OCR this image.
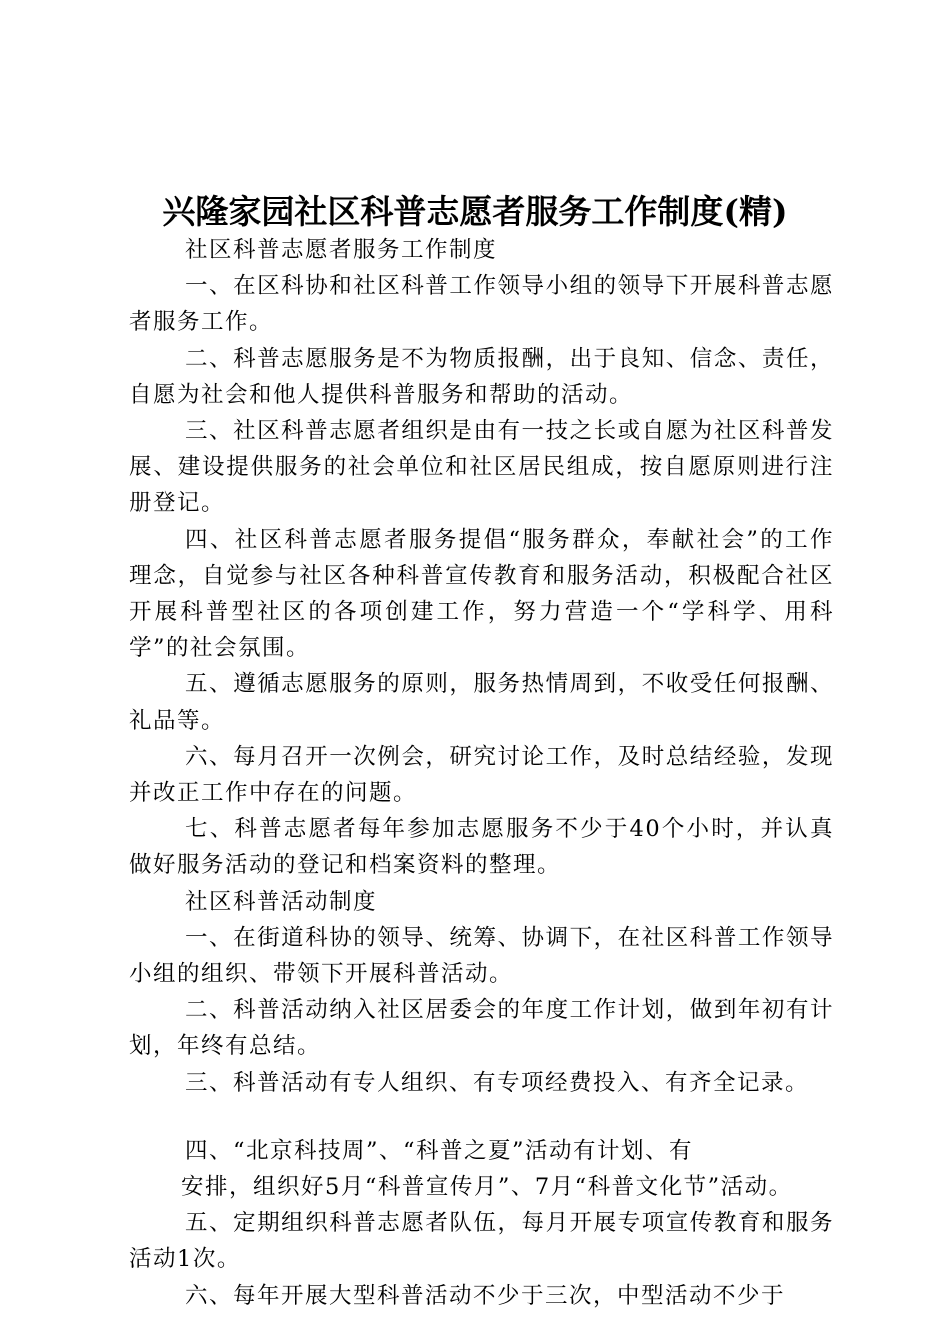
兴隆家园社区科普志愿者服务工作制度(精)

社区科普志愿者服务工作制度

一、在区科协和社区科普工作领导小组的领导下开展科普志愿者服务工作。

二、科普志愿服务是不为物质报酬，出于良知、信念、责任，自愿为社会和他人提供科普服务和帮助的活动。

三、社区科普志愿者组织是由有一技之长或自愿为社区科普发展、建设提供服务的社会单位和社区居民组成，按自愿原则进行注册登记。

四、社区科普志愿者服务提倡“服务群众，奉献社会”的工作理念，自觉参与社区各种科普宣传教育和服务活动，积极配合社区开展科普型社区的各项创建工作，努力营造一个“学科学、用科学”的社会氛围。

五、遵循志愿服务的原则，服务热情周到，不收受任何报酬、礼品等。

六、每月召开一次例会，研究讨论工作，及时总结经验，发现并改正工作中存在的问题。

七、科普志愿者每年参加志愿服务不少于40个小时，并认真做好服务活动的登记和档案资料的整理。

社区科普活动制度

一、在街道科协的领导、统筹、协调下，在社区科普工作领导小组的组织、带领下开展科普活动。

二、科普活动纳入社区居委会的年度工作计划，做到年初有计划，年终有总结。

三、科普活动有专人组织、有专项经费投入、有齐全记录。

四、“北京科技周”、“科普之夏”活动有计划、有

安排，组织好5月“科普宣传月”、7月“科普文化节”活动。

五、定期组织科普志愿者队伍，每月开展专项宣传教育和服务活动1次。

六、每年开展大型科普活动不少于三次，中型活动不少于
